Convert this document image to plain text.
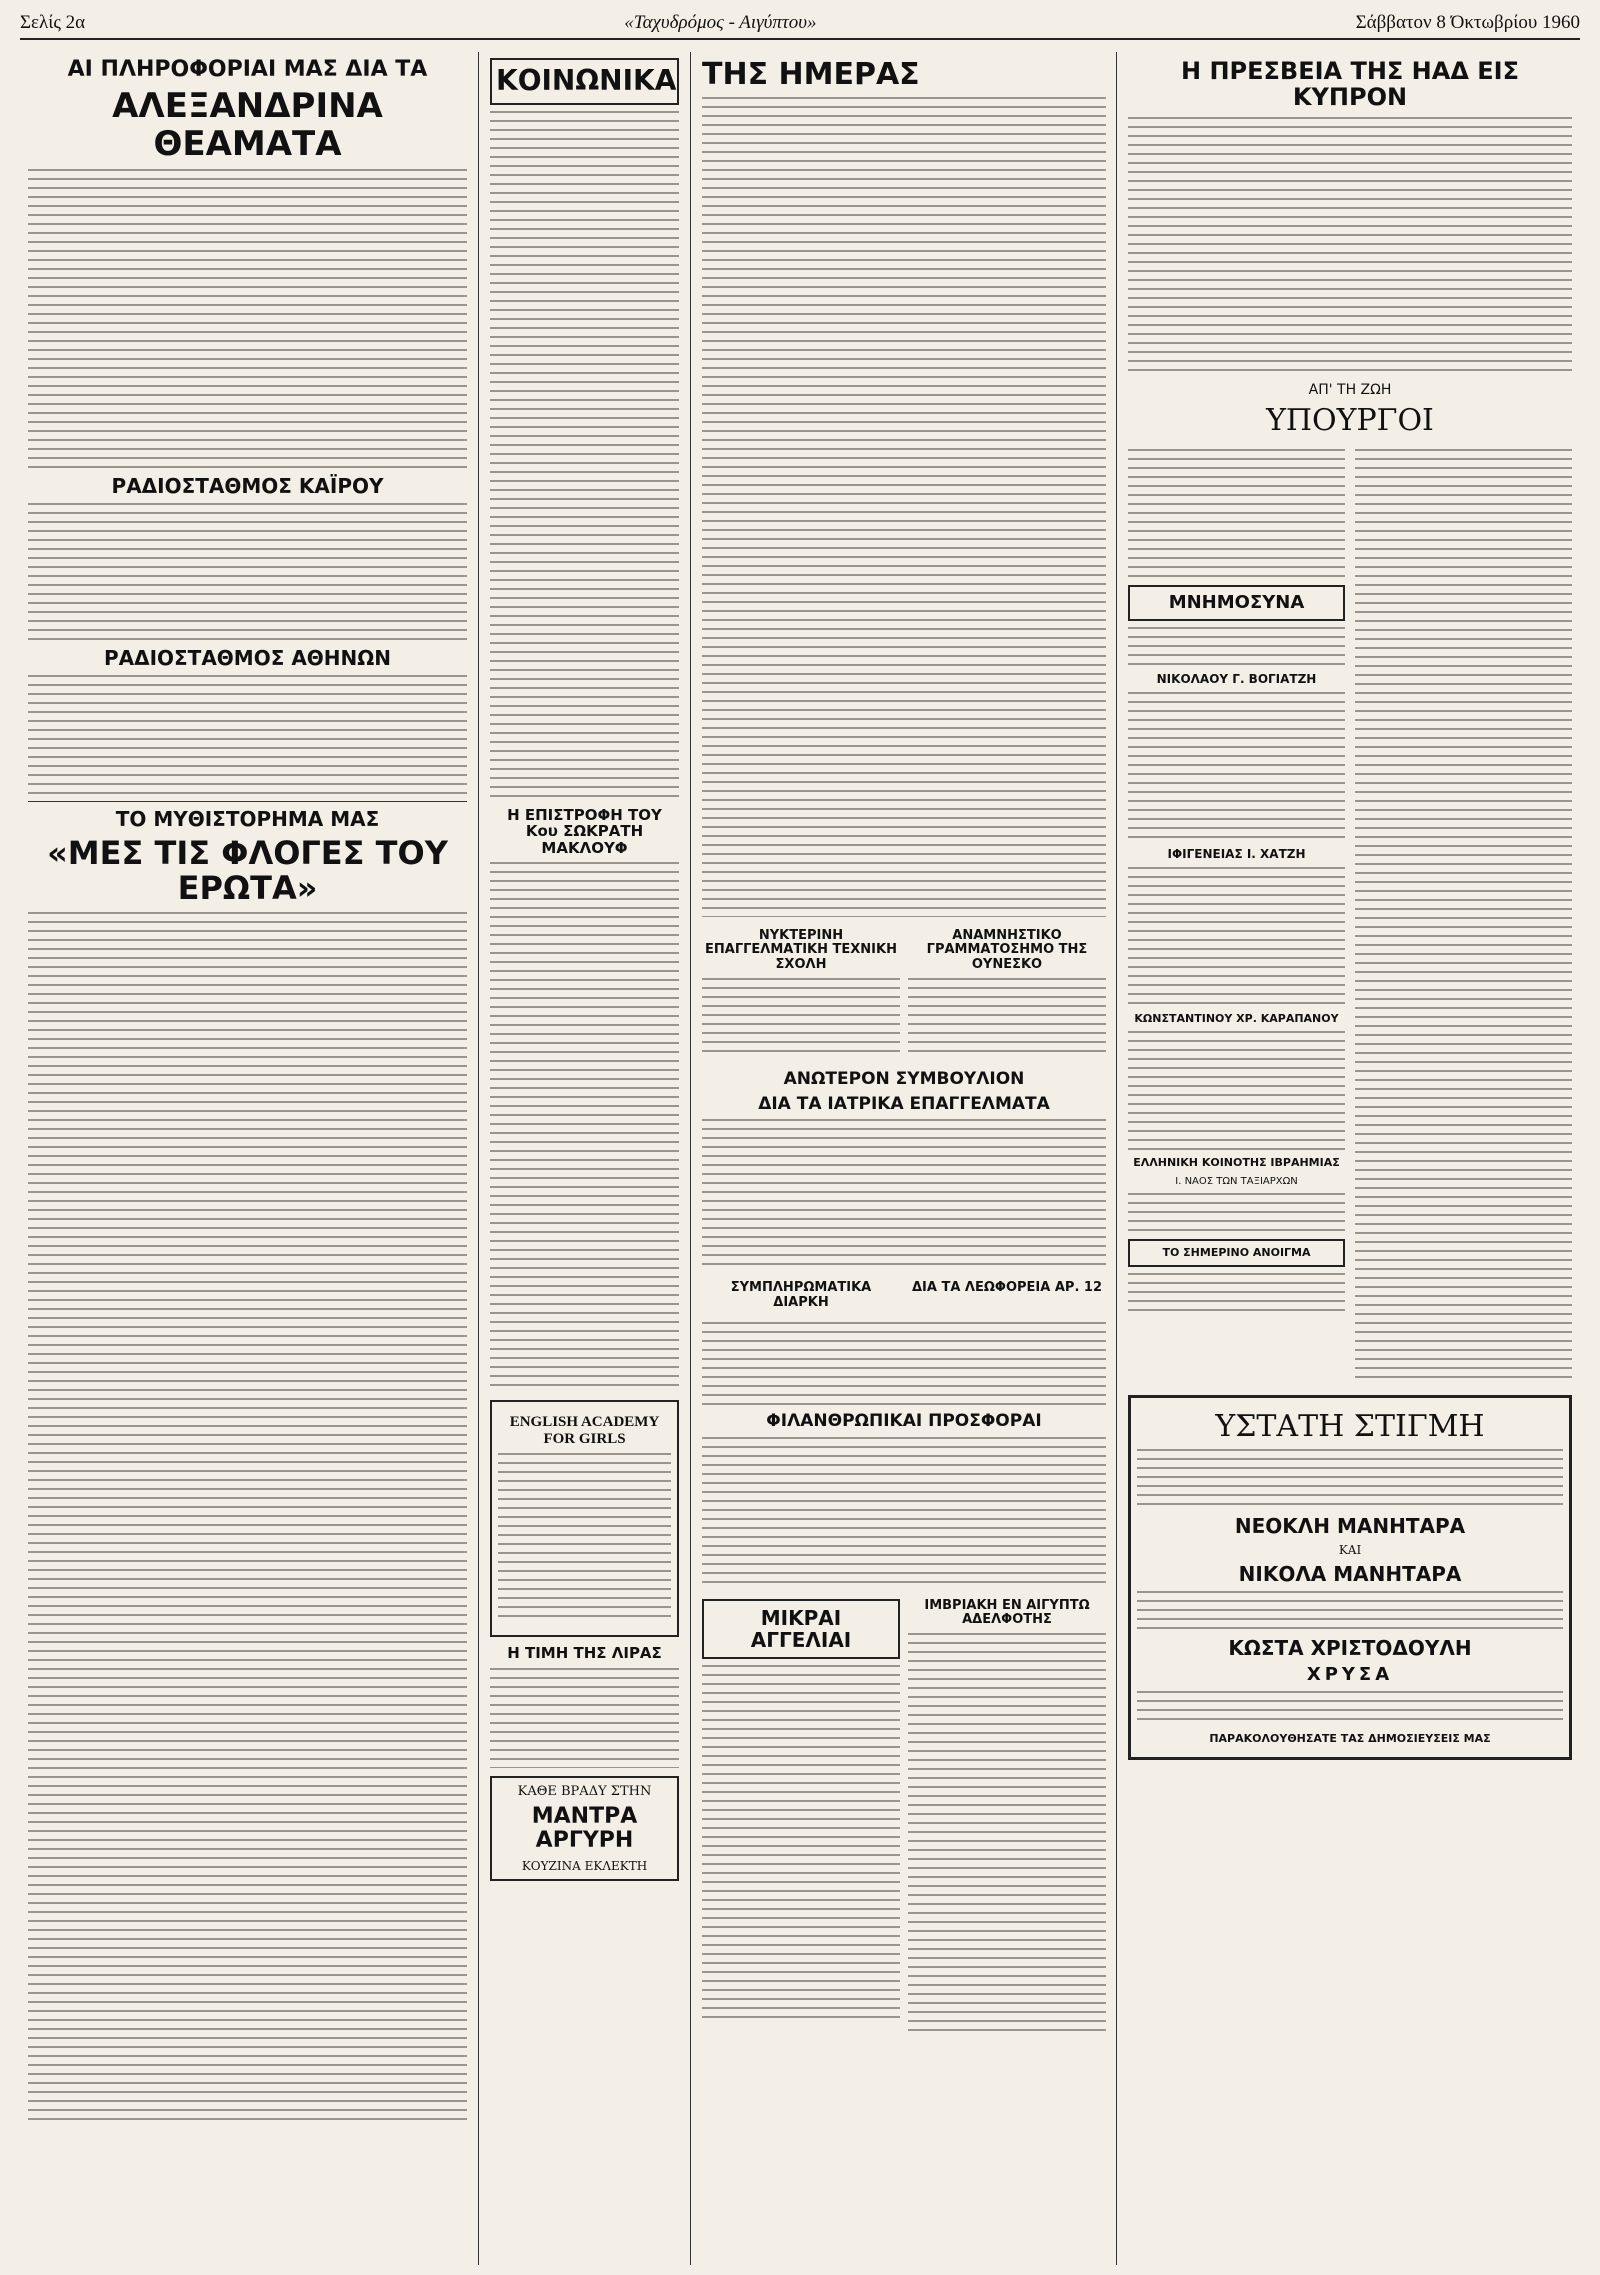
Σελίς 2α	«Ταχυδρόμος - Αιγύπτου»	Σάββατον 8 Όκτωβρίου 1960
ΑΙ ΠΛΗΡΟΦΟΡΙΑΙ ΜΑΣ ΔΙΑ ΤΑ
ΑΛΕΞΑΝΔΡΙΝΑ ΘΕΑΜΑΤΑ
ΡΑΔΙΟΣΤΑΘΜΟΣ ΚΑΪΡΟΥ
ΡΑΔΙΟΣΤΑΘΜΟΣ ΑΘΗΝΩΝ
ΤΟ ΜΥΘΙΣΤΟΡΗΜΑ ΜΑΣ
«ΜΕΣ ΤΙΣ ΦΛΟΓΕΣ ΤΟΥ ΕΡΩΤΑ»
ΚΟΙΝΩΝΙΚΑ
Η ΕΠΙΣΤΡΟΦΗ ΤΟΥ Κου ΣΩΚΡΑΤΗ ΜΑΚΛΟΥΦ
ENGLISH ACADEMY FOR GIRLS
Η ΤΙΜΗ ΤΗΣ ΛΙΡΑΣ
ΚΑΘΕ ΒΡΑΔΥ ΣΤΗΝ
ΜΑΝΤΡΑ ΑΡΓΥΡΗ
ΚΟΥΖΙΝΑ ΕΚΛΕΚΤΗ
ΤΗΣ ΗΜΕΡΑΣ
ΝΥΚΤΕΡΙΝΗ ΕΠΑΓΓΕΛΜΑΤΙΚΗ ΤΕΧΝΙΚΗ ΣΧΟΛΗ
ΑΝΑΜΝΗΣΤΙΚΟ ΓΡΑΜΜΑΤΟΣΗΜΟ ΤΗΣ ΟΥΝΕΣΚΟ
ΑΝΩΤΕΡΟΝ ΣΥΜΒΟΥΛΙΟΝ
ΔΙΑ ΤΑ ΙΑΤΡΙΚΑ ΕΠΑΓΓΕΛΜΑΤΑ
ΣΥΜΠΛΗΡΩΜΑΤΙΚΑ ΔΙΑΡΚΗ
ΔΙΑ ΤΑ ΛΕΩΦΟΡΕΙΑ ΑΡ. 12
ΦΙΛΑΝΘΡΩΠΙΚΑΙ ΠΡΟΣΦΟΡΑΙ
ΜΙΚΡΑΙ ΑΓΓΕΛΙΑΙ
ΙΜΒΡΙΑΚΗ ΕΝ ΑΙΓΥΠΤΩ ΑΔΕΛΦΟΤΗΣ
Η ΠΡΕΣΒΕΙΑ ΤΗΣ ΗΑΔ ΕΙΣ ΚΥΠΡΟΝ
ΑΠ' ΤΗ ΖΩΗ
ΥΠΟΥΡΓΟΙ
ΜΝΗΜΟΣΥΝΑ
ΝΙΚΟΛΑΟΥ Γ. ΒΟΓΙΑΤΖΗ
ΙΦΙΓΕΝΕΙΑΣ Ι. ΧΑΤΖΗ
ΚΩΝΣΤΑΝΤΙΝΟΥ ΧΡ. ΚΑΡΑΠΑΝΟΥ
ΕΛΛΗΝΙΚΗ ΚΟΙΝΟΤΗΣ ΙΒΡΑΗΜΙΑΣ
Ι. ΝΑΟΣ ΤΩΝ ΤΑΞΙΑΡΧΩΝ
ΤΟ ΣΗΜΕΡΙΝΟ ΑΝΟΙΓΜΑ
ΥΣΤΑΤΗ ΣΤΙΓΜΗ
ΝΕΟΚΛΗ ΜΑΝΗΤΑΡΑ
ΚΑΙ
ΝΙΚΟΛΑ ΜΑΝΗΤΑΡΑ
ΚΩΣΤΑ ΧΡΙΣΤΟΔΟΥΛΗ
ΧΡΥΣΑ
ΠΑΡΑΚΟΛΟΥΘΗΣΑΤΕ ΤΑΣ ΔΗΜΟΣΙΕΥΣΕΙΣ ΜΑΣ
